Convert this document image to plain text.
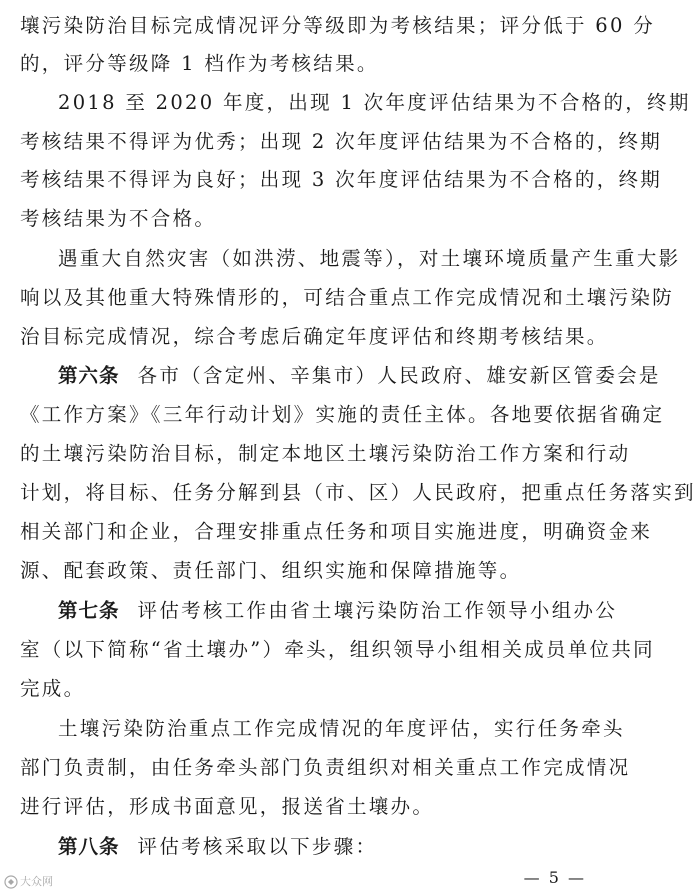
壤污染防治目标完成情况评分等级即为考核结果；评分低于 60 分
的，评分等级降 1 档作为考核结果。
2018 至 2020 年度，出现 1 次年度评估结果为不合格的，终期
考核结果不得评为优秀；出现 2 次年度评估结果为不合格的，终期
考核结果不得评为良好；出现 3 次年度评估结果为不合格的，终期
考核结果为不合格。
遇重大自然灾害（如洪涝、地震等），对土壤环境质量产生重大影
响以及其他重大特殊情形的，可结合重点工作完成情况和土壤污染防
治目标完成情况，综合考虑后确定年度评估和终期考核结果。
第六条 各市（含定州、辛集市）人民政府、雄安新区管委会是
《工作方案》《三年行动计划》实施的责任主体。各地要依据省确定
的土壤污染防治目标，制定本地区土壤污染防治工作方案和行动
计划，将目标、任务分解到县（市、区）人民政府，把重点任务落实到
相关部门和企业，合理安排重点任务和项目实施进度，明确资金来
源、配套政策、责任部门、组织实施和保障措施等。
第七条 评估考核工作由省土壤污染防治工作领导小组办公
室（以下简称“省土壤办”）牵头，组织领导小组相关成员单位共同
完成。
土壤污染防治重点工作完成情况的年度评估，实行任务牵头
部门负责制，由任务牵头部门负责组织对相关重点工作完成情况
进行评估，形成书面意见，报送省土壤办。
第八条 评估考核采取以下步骤：
大众网	— 5 —
